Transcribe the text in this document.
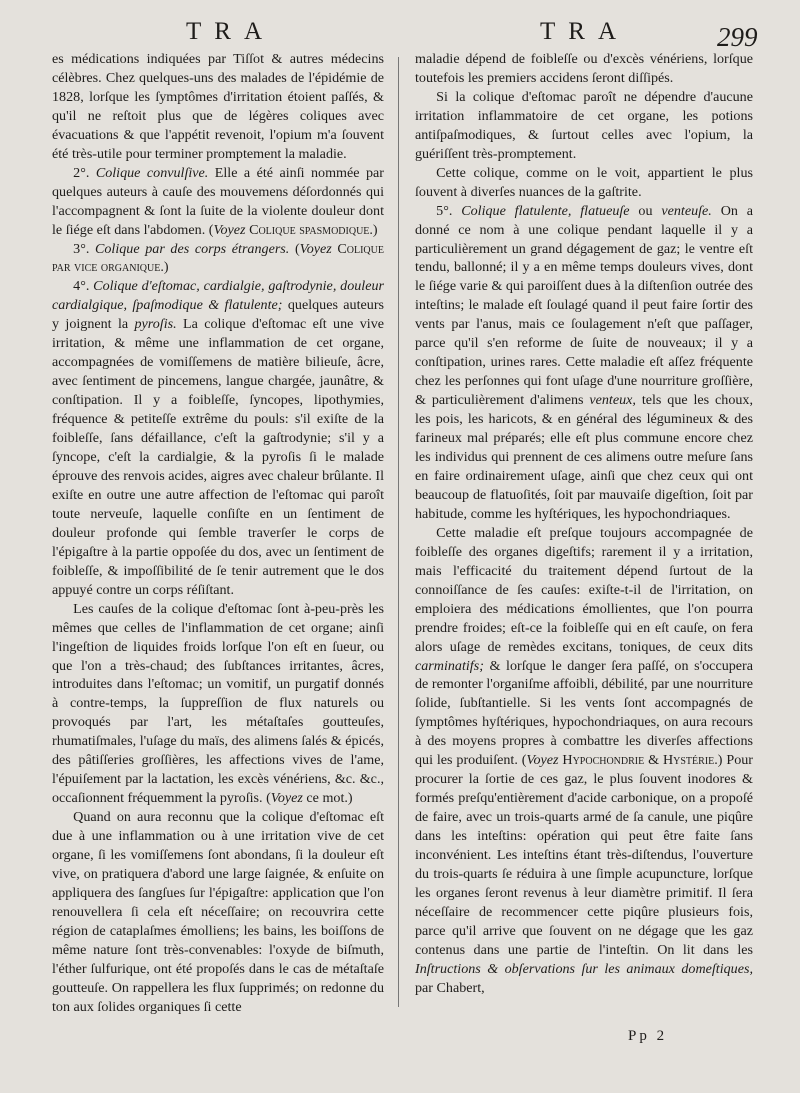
TRA	TRA	299

es médications indiquées par Tiſſot & autres médecins célèbres. Chez quelques-uns des malades de l'épidémie de 1828, lorſque les ſymptômes d'irritation étoient paſſés, & qu'il ne reſtoit plus que de légères coliques avec évacuations & que l'appétit revenoit, l'opium m'a ſouvent été très-utile pour terminer promptement la maladie.

2°. Colique convulſive. Elle a été ainſi nommée par quelques auteurs à cauſe des mouvemens déſordonnés qui l'accompagnent & ſont la ſuite de la violente douleur dont le ſiége eſt dans l'abdomen. (Voyez Colique spasmodique.)

3°. Colique par des corps étrangers. (Voyez Colique par vice organique.)

4°. Colique d'eſtomac, cardialgie, gaſtrodynie, douleur cardialgique, ſpaſmodique & flatulente; quelques auteurs y joignent la pyroſis. La colique d'eſtomac eſt une vive irritation, & même une inflammation de cet organe, accompagnées de vomiſſemens de matière bilieuſe, âcre, avec ſentiment de pincemens, langue chargée, jaunâtre, & conſtipation. Il y a foibleſſe, ſyncopes, lipothymies, fréquence & petiteſſe extrême du pouls: s'il exiſte de la foibleſſe, ſans défaillance, c'eſt la gaſtrodynie; s'il y a ſyncope, c'eſt la cardialgie, & la pyroſis ſi le malade éprouve des renvois acides, aigres avec chaleur brûlante. Il exiſte en outre une autre affection de l'eſtomac qui paroît toute nerveuſe, laquelle conſiſte en un ſentiment de douleur profonde qui ſemble traverſer le corps de l'épigaſtre à la partie oppoſée du dos, avec un ſentiment de foibleſſe, & impoſſibilité de ſe tenir autrement que le dos appuyé contre un corps réſiſtant.

Les cauſes de la colique d'eſtomac ſont à-peu-près les mêmes que celles de l'inflammation de cet organe; ainſi l'ingeſtion de liquides froids lorſque l'on eſt en ſueur, ou que l'on a très-chaud; des ſubſtances irritantes, âcres, introduites dans l'eſtomac; un vomitif, un purgatif donnés à contre-temps, la ſuppreſſion de flux naturels ou provoqués par l'art, les métaſtaſes goutteuſes, rhumatiſmales, l'uſage du maïs, des alimens ſalés & épicés, des pâtiſſeries groſſières, les affections vives de l'ame, l'épuiſement par la lactation, les excès vénériens, &c. &c., occaſionnent fréquemment la pyroſis. (Voyez ce mot.)

Quand on aura reconnu que la colique d'eſtomac eſt due à une inflammation ou à une irritation vive de cet organe, ſi les vomiſſemens ſont abondans, ſi la douleur eſt vive, on pratiquera d'abord une large ſaignée, & enſuite on appliquera des ſangſues ſur l'épigaſtre: application que l'on renouvellera ſi cela eſt néceſſaire; on recouvrira cette région de cataplaſmes émolliens; les bains, les boiſſons de même nature ſont très-convenables: l'oxyde de biſmuth, l'éther ſulfurique, ont été propoſés dans le cas de métaſtaſe goutteuſe. On rappellera les flux ſupprimés; on redonne du ton aux ſolides organiques ſi cette

maladie dépend de foibleſſe ou d'excès vénériens, lorſque toutefois les premiers accidens ſeront diſſipés.

Si la colique d'eſtomac paroît ne dépendre d'aucune irritation inflammatoire de cet organe, les potions antiſpaſmodiques, & ſurtout celles avec l'opium, la guériſſent très-promptement.

Cette colique, comme on le voit, appartient le plus ſouvent à diverſes nuances de la gaſtrite.

5°. Colique flatulente, flatueuſe ou venteuſe. On a donné ce nom à une colique pendant laquelle il y a particulièrement un grand dégagement de gaz; le ventre eſt tendu, ballonné; il y a en même temps douleurs vives, dont le ſiége varie & qui paroiſſent dues à la diſtenſion outrée des inteſtins; le malade eſt ſoulagé quand il peut faire ſortir des vents par l'anus, mais ce ſoulagement n'eſt que paſſager, parce qu'il s'en reforme de ſuite de nouveaux; il y a conſtipation, urines rares. Cette maladie eſt aſſez fréquente chez les perſonnes qui font uſage d'une nourriture groſſière, & particulièrement d'alimens venteux, tels que les choux, les pois, les haricots, & en général des légumineux & des farineux mal préparés; elle eſt plus commune encore chez les individus qui prennent de ces alimens outre meſure ſans en faire ordinairement uſage, ainſi que chez ceux qui ont beaucoup de flatuoſités, ſoit par mauvaiſe digeſtion, ſoit par habitude, comme les hyſtériques, les hypochondriaques.

Cette maladie eſt preſque toujours accompagnée de foibleſſe des organes digeſtifs; rarement il y a irritation, mais l'efficacité du traitement dépend ſurtout de la connoiſſance de ſes cauſes: exiſte-t-il de l'irritation, on emploiera des médications émollientes, que l'on pourra prendre froides; eſt-ce la foibleſſe qui en eſt cauſe, on fera alors uſage de remèdes excitans, toniques, de ceux dits carminatifs; & lorſque le danger ſera paſſé, on s'occupera de remonter l'organiſme affoibli, débilité, par une nourriture ſolide, ſubſtantielle. Si les vents ſont accompagnés de ſymptômes hyſtériques, hypochondriaques, on aura recours à des moyens propres à combattre les diverſes affections qui les produiſent. (Voyez Hypochondrie & Hystérie.) Pour procurer la ſortie de ces gaz, le plus ſouvent inodores & formés preſqu'entièrement d'acide carbonique, on a propoſé de faire, avec un trois-quarts armé de ſa canule, une piqûre dans les inteſtins: opération qui peut être faite ſans inconvénient. Les inteſtins étant très-diſtendus, l'ouverture du trois-quarts ſe réduira à une ſimple acupuncture, lorſque les organes ſeront revenus à leur diamètre primitif. Il ſera néceſſaire de recommencer cette piqûre plusieurs fois, parce qu'il arrive que ſouvent on ne dégage que les gaz contenus dans une partie de l'inteſtin. On lit dans les Inſtructions & obſervations ſur les animaux domeſtiques, par Chabert,

Pp 2
